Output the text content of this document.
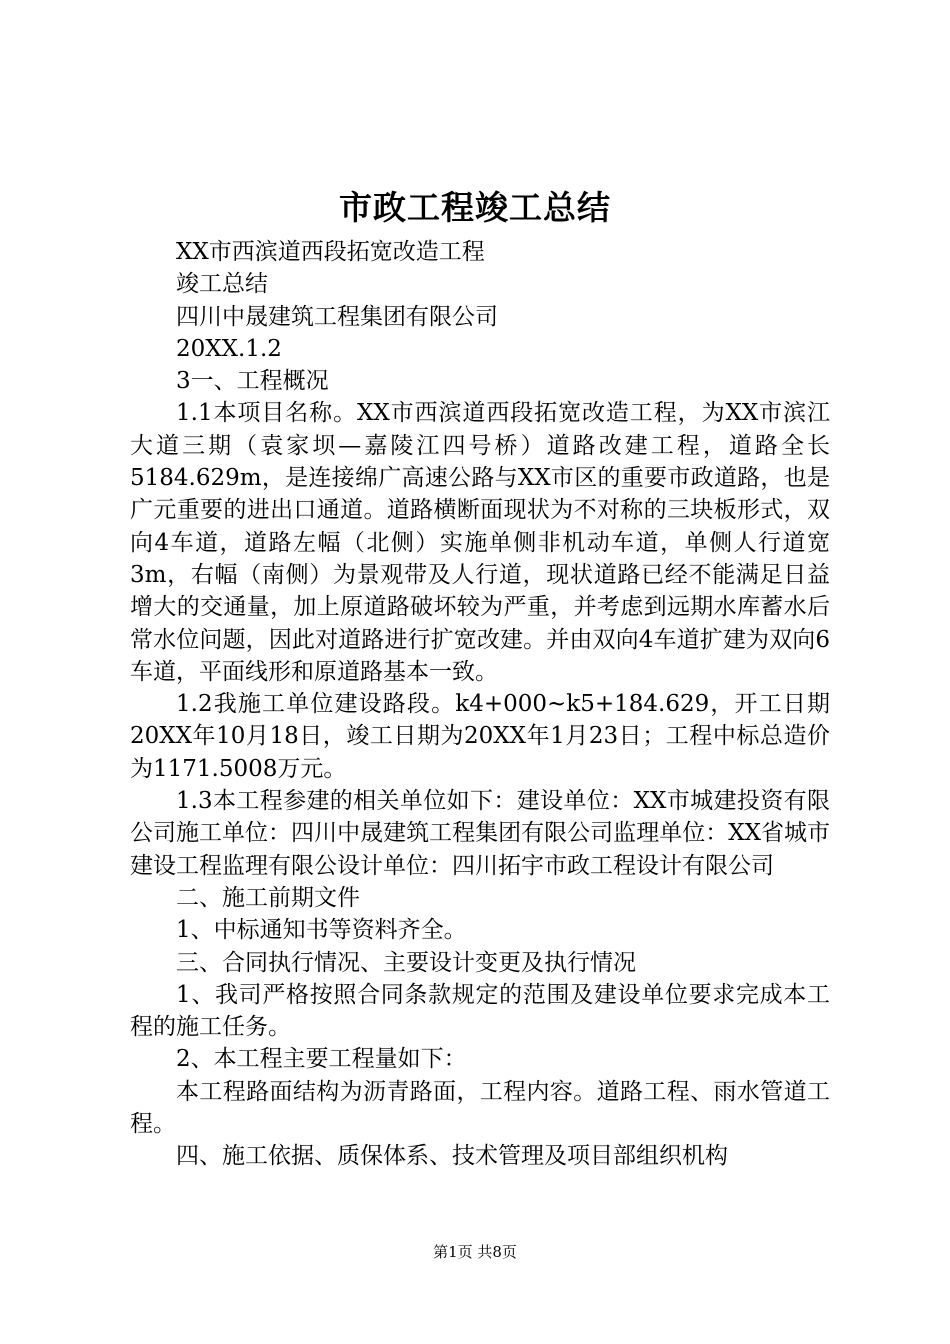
市政工程竣工总结

XX市西滨道西段拓宽改造工程

竣工总结

四川中晟建筑工程集团有限公司

20XX.1.2

3一、工程概况

1.1本项目名称。XX市西滨道西段拓宽改造工程，为XX市滨江大道三期（袁家坝—嘉陵江四号桥）道路改建工程，道路全长5184.629m，是连接绵广高速公路与XX市区的重要市政道路，也是广元重要的进出口通道。道路横断面现状为不对称的三块板形式，双向4车道，道路左幅（北侧）实施单侧非机动车道，单侧人行道宽3m，右幅（南侧）为景观带及人行道，现状道路已经不能满足日益增大的交通量，加上原道路破坏较为严重，并考虑到远期水库蓄水后常水位问题，因此对道路进行扩宽改建。并由双向4车道扩建为双向6车道，平面线形和原道路基本一致。

1.2我施工单位建设路段。k4+000~k5+184.629，开工日期20XX年10月18日，竣工日期为20XX年1月23日；工程中标总造价为1171.5008万元。

1.3本工程参建的相关单位如下：建设单位：XX市城建投资有限公司施工单位：四川中晟建筑工程集团有限公司监理单位：XX省城市建设工程监理有限公设计单位：四川拓宇市政工程设计有限公司

二、施工前期文件

1、中标通知书等资料齐全。

三、合同执行情况、主要设计变更及执行情况

1、我司严格按照合同条款规定的范围及建设单位要求完成本工程的施工任务。

2、本工程主要工程量如下：

本工程路面结构为沥青路面，工程内容。道路工程、雨水管道工程。

四、施工依据、质保体系、技术管理及项目部组织机构

第1页 共8页
